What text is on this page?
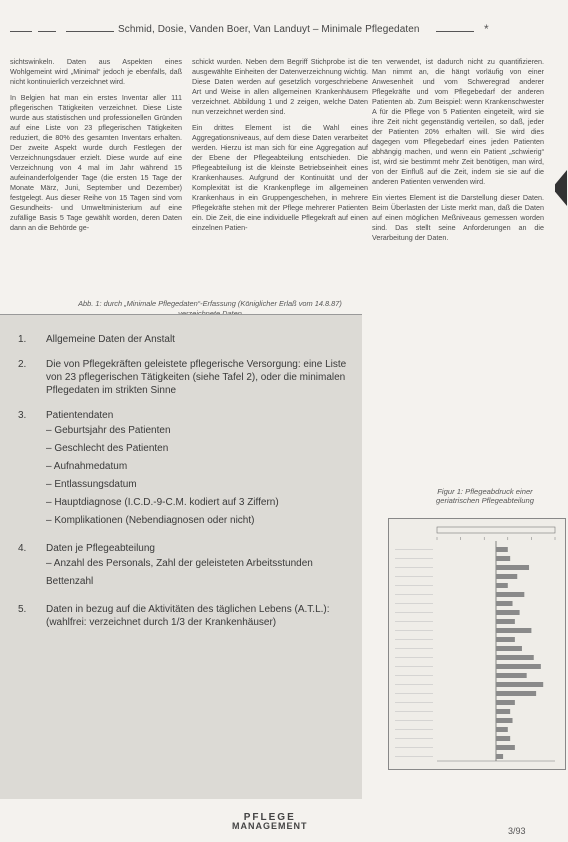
Schmid, Dosie, Vanden Boer, Van Landuyt – Minimale Pflegedaten	*

sichtswinkeln. Daten aus Aspekten eines Wohlgemeint wird „Minimal“ jedoch je ebenfalls, daß nicht kontinuierlich verzeichnet wird.

In Belgien hat man ein erstes Inventar aller 111 pflegerischen Tätigkeiten verzeichnet. Diese Liste wurde aus statistischen und professionellen Gründen auf eine Liste von 23 pflegerischen Tätigkeiten reduziert, die 80% des gesamten Inventars erhalten. Der zweite Aspekt wurde durch Festlegen der Verzeichnungsdauer erzielt. Diese wurde auf eine Verzeichnung von 4 mal im Jahr während 15 aufeinanderfolgender Tage (die ersten 15 Tage der Monate März, Juni, September und Dezember) festgelegt. Aus dieser Reihe von 15 Tagen sind vom Gesundheits- und Umweltministerium auf eine zufällige Basis 5 Tage gewählt worden, deren Daten dann an die Behörde ge-

schickt wurden. Neben dem Begriff Stichprobe ist die ausgewählte Einheiten der Datenverzeichnung wichtig. Diese Daten werden auf gesetzlich vorgeschriebene Art und Weise in allen allgemeinen Krankenhäusern verzeichnet. Abbildung 1 und 2 zeigen, welche Daten nun verzeichnet werden sind.

Ein drittes Element ist die Wahl eines Aggregationsniveaus, auf dem diese Daten verarbeitet werden. Hierzu ist man sich für eine Aggregation auf der Ebene der Pflegeabteilung entschieden. Die Pflegeabteilung ist die kleinste Betriebseinheit eines Krankenhauses. Aufgrund der Kontinuität und der Komplexität ist die Krankenpflege im allgemeinen Krankenhaus in ein Gruppengeschehen, in mehrere Pflegekräfte stehen mit der Pflege mehrerer Patienten ein. Die Zeit, die eine individuelle Pflegekraft auf einen einzelnen Patien-

ten verwendet, ist dadurch nicht zu quantifizieren. Man nimmt an, die hängt vorläufig von einer Anwesenheit und vom Schweregrad anderer Pflegekräfte und vom Pflegebedarf der anderen Patienten ab. Zum Beispiel: wenn Krankenschwester A für die Pflege von 5 Patienten eingeteilt, wird sie ihre Zeit nicht gegenständig verteilen, so daß, jeder der Patienten 20% erhalten will. Sie wird dies dagegen vom Pflegebedarf eines jeden Patienten abhängig machen, und wenn ein Patient „schwierig“ ist, wird sie bestimmt mehr Zeit benötigen, man wird, von der Einfluß auf die Zeit, indem sie sie auf die anderen Patienten verwenden wird.

Ein viertes Element ist die Darstellung dieser Daten. Beim Überlasten der Liste merkt man, daß die Daten auf einen möglichen Meßniveaus gemessen worden sind. Das stellt seine Anforderungen an die Verarbeitung der Daten.

Abb. 1: durch „Minimale Pflegedaten“-Erfassung (Königlicher Erlaß vom 14.8.87)
1.	Allgemeine Daten der Anstalt
2.	Die von Pflegekräften geleistete pflegerische Versorgung: eine Liste von 23 pflegerischen Tätigkeiten (siehe Tafel 2), oder die minimalen Pflegedaten im strikten Sinne
3.	Patientendaten
– Geburtsjahr des Patienten
– Geschlecht des Patienten
– Aufnahmedatum
– Entlassungsdatum
– Hauptdiagnose (I.C.D.-9-C.M. kodiert auf 3 Ziffern)
– Komplikationen (Nebendiagnosen oder nicht)
4.	Daten je Pflegeabteilung
– Anzahl des Personals, Zahl der geleisteten Arbeitsstunden
Bettenzahl
5.	Daten in bezug auf die Aktivitäten des täglichen Lebens (A.T.L.): (wahlfrei: verzeichnet durch 1/3 der Krankenhäuser)
Figur 1: Pflegeabdruck einer geriatrischen Pflegeabteilung
PFLEGE
MANAGEMENT	3/93
